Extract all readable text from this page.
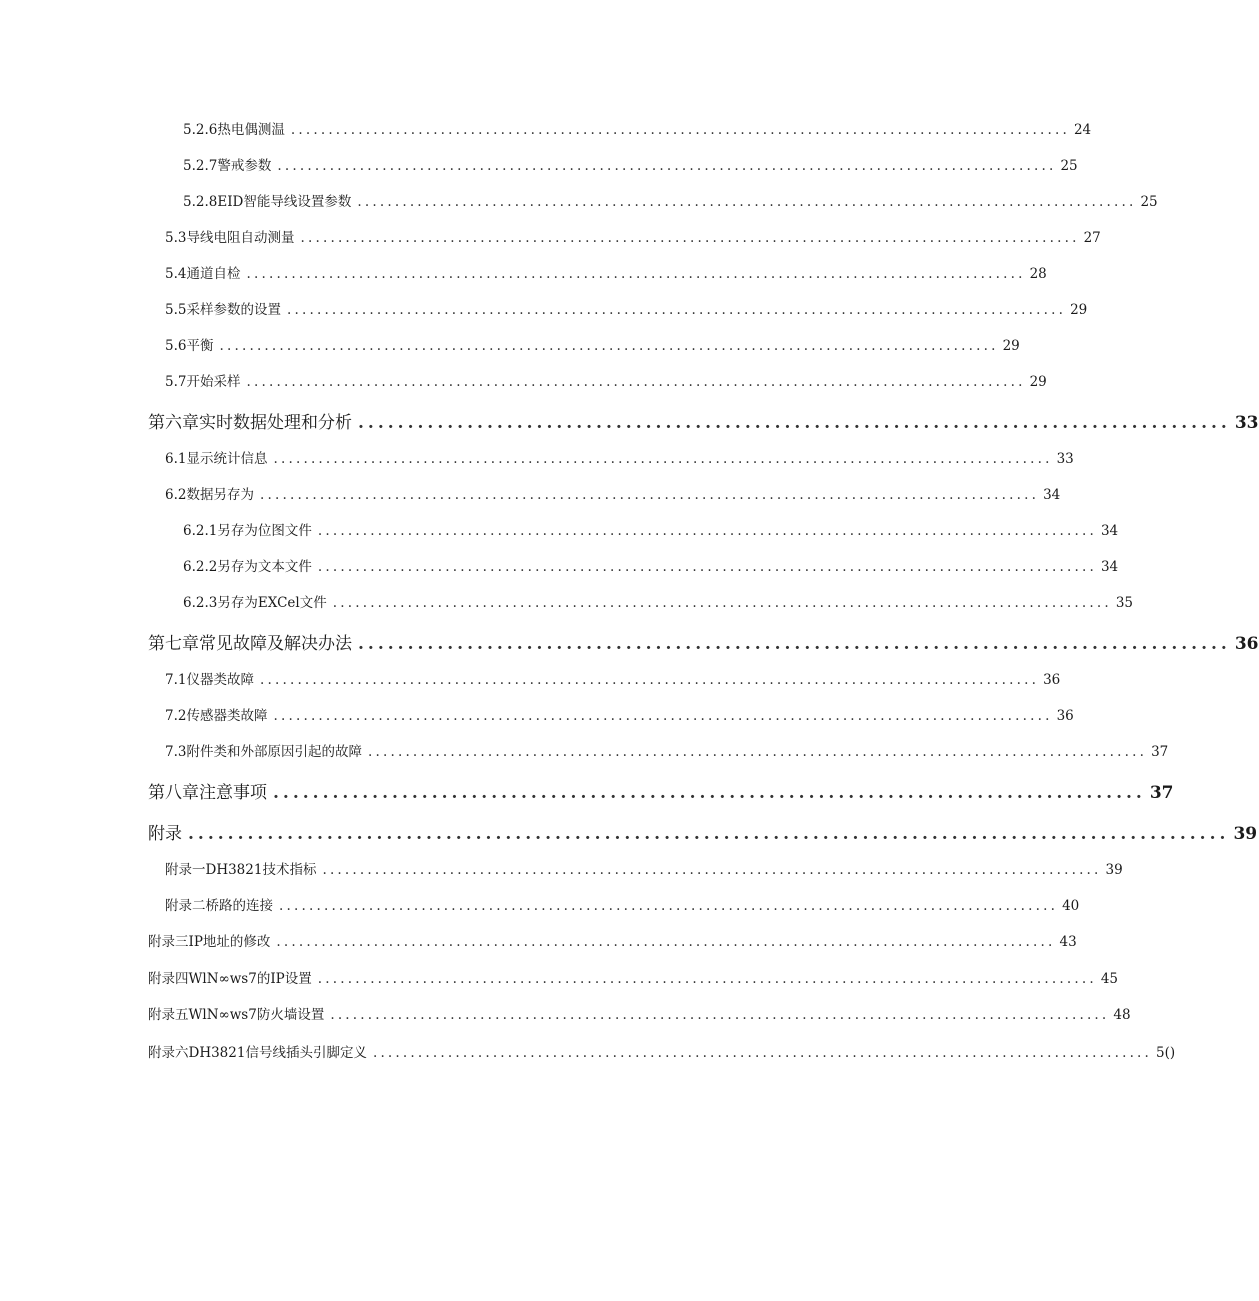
5.2.6 热电偶测温 ........................................................................................................ 24
5.2.7 警戒参数 ........................................................................................................ 25
5.2.8 EID智能导线设置参数 ........................................................................................................ 25
5.3 导线电阻自动测量 ........................................................................................................ 27
5.4 通道自检 ........................................................................................................ 28
5.5 采样参数的设置 ........................................................................................................ 29
5.6 平衡 ........................................................................................................ 29
5.7 开始采样 ........................................................................................................ 29
第六章实时数据处理和分析 ........................................................................................ 33
6.1 显示统计信息 ........................................................................................................ 33
6.2 数据另存为 ........................................................................................................ 34
6.2.1 另存为位图文件 ........................................................................................................ 34
6.2.2 另存为文本文件 ........................................................................................................ 34
6.2.3 另存为EXCel文件 ........................................................................................................ 35
第七章常见故障及解决办法 ........................................................................................ 36
7.1 仪器类故障 ........................................................................................................ 36
7.2 传感器类故障 ........................................................................................................ 36
7.3 附件类和外部原因引起的故障 ........................................................................................................ 37
第八章注意事项 ........................................................................................ 37
附录 ......................................................................................................... 39
附录一DH3821技术指标 ........................................................................................................ 39
附录二桥路的连接 ........................................................................................................ 40
附录三IP地址的修改 ........................................................................................................ 43
附录四 WlN∞ws7的IP设置 ........................................................................................................ 45
附录五 WlN∞ws7防火墙设置 ........................................................................................................ 48
附录六DH3821信号线插头引脚定义 ........................................................................................................ 5()
